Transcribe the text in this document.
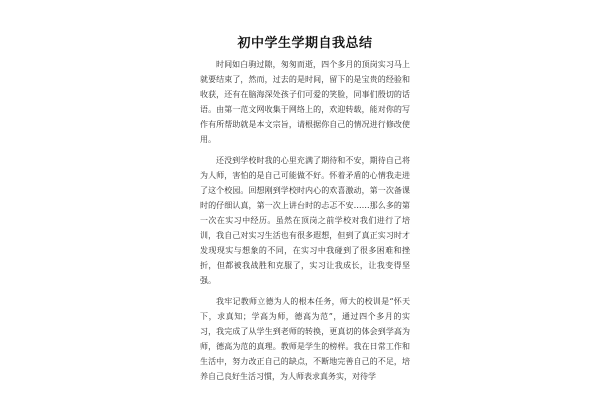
初中学生学期自我总结

时间如白驹过隙，匆匆而逝，四个多月的顶岗实习马上就要结束了，然而，过去的是时间，留下的是宝贵的经验和收获，还有在脑海深处孩子们可爱的笑脸，同事们殷切的话语。由第一范文网收集于网络上的，欢迎转载，能对你的写作有所帮助就是本文宗旨，请根据你自己的情况进行修改使用。

还没到学校时我的心里充满了期待和不安，期待自己将为人师，害怕的是自己可能做不好。怀着矛盾的心情我走进了这个校园。回想刚到学校时内心的欢喜激动，第一次备课时的仔细认真，第一次上讲台时的忐忑不安……那么多的第一次在实习中经历。虽然在顶岗之前学校对我们进行了培训，我自己对实习生活也有很多遐想，但到了真正实习时才发现现实与想象的不同，在实习中我碰到了很多困难和挫折，但都被我战胜和克服了，实习让我成长，让我变得坚强。

我牢记教师立德为人的根本任务，师大的校训是“怀天下，求真知；学高为师，德高为范”，通过四个多月的实习，我完成了从学生到老师的转换，更真切的体会到学高为师，德高为范的真理。教师是学生的榜样。我在日常工作和生活中，努力改正自己的缺点，不断地完善自己的不足，培养自己良好生活习惯，为人师表求真务实，对待学
